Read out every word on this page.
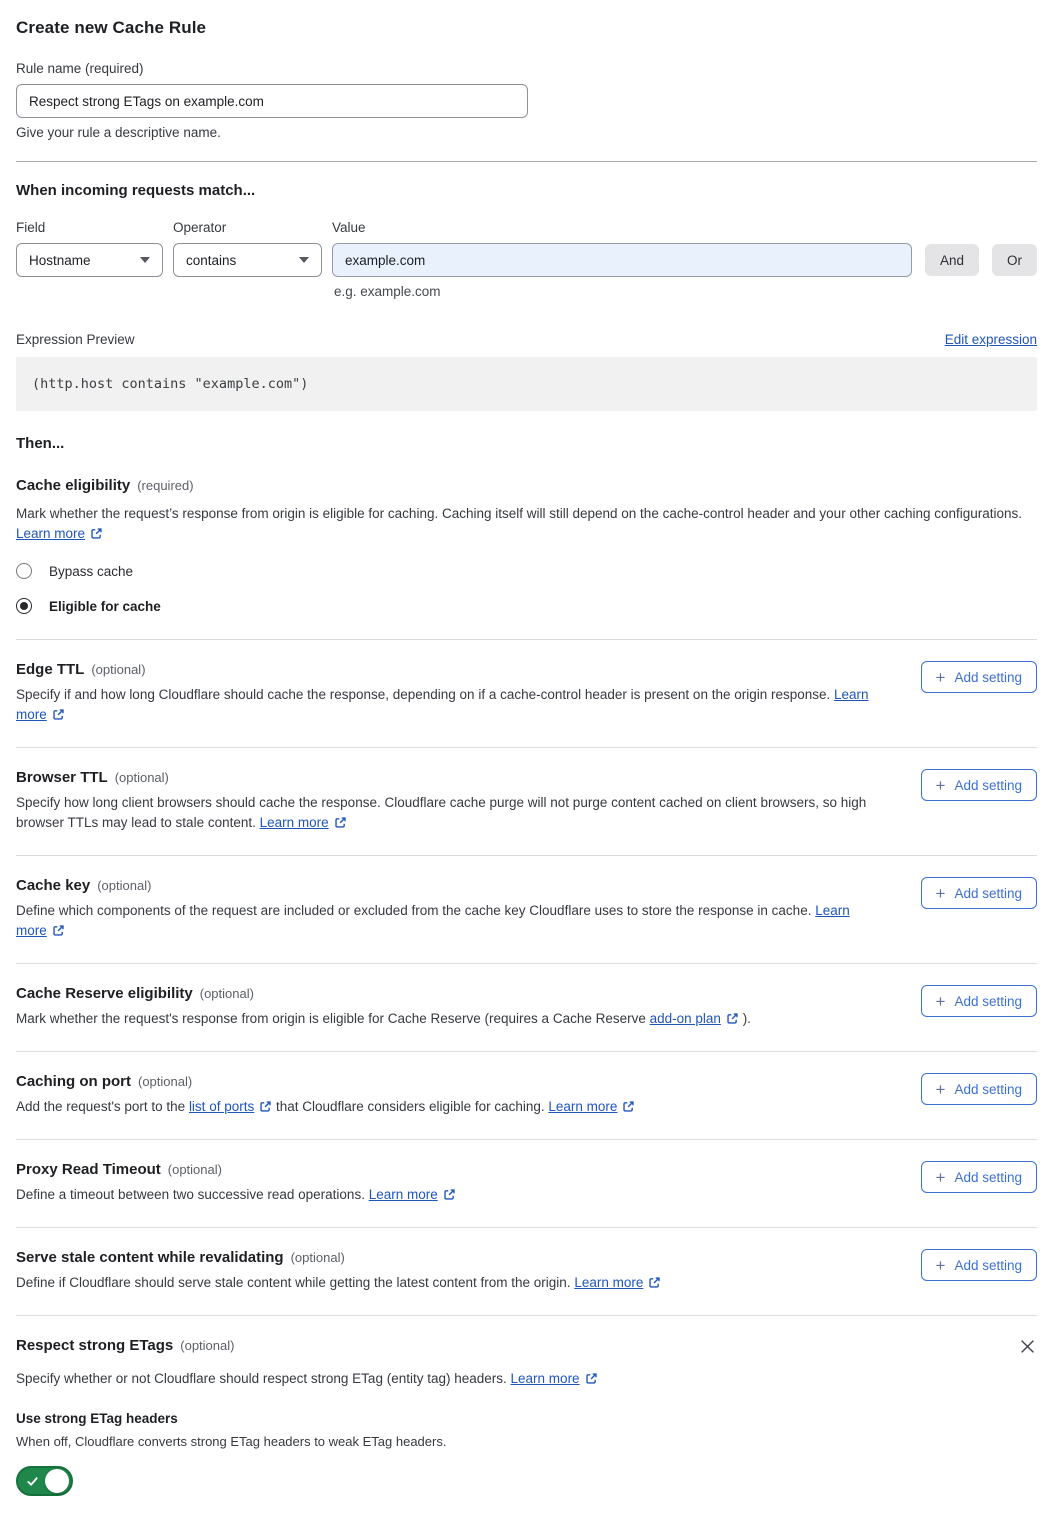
Create new Cache Rule
Rule name (required)
Respect strong ETags on example.com
Give your rule a descriptive name.
When incoming requests match...
Field
Hostname
Operator
contains
Value
example.com
And	Or
e.g. example.com
Expression Preview	Edit expression
(http.host contains "example.com")
Then...
Cache eligibility (required)
Mark whether the request’s response from origin is eligible for caching. Caching itself will still depend on the cache-control header and your other caching configurations. Learn more
Bypass cache
Eligible for cache
Edge TTL (optional)
Specify if and how long Cloudflare should cache the response, depending on if a cache-control header is present on the origin response. Learn more
+ Add setting
Browser TTL (optional)
Specify how long client browsers should cache the response. Cloudflare cache purge will not purge content cached on client browsers, so high browser TTLs may lead to stale content. Learn more
+ Add setting
Cache key (optional)
Define which components of the request are included or excluded from the cache key Cloudflare uses to store the response in cache. Learn more
+ Add setting
Cache Reserve eligibility (optional)
Mark whether the request's response from origin is eligible for Cache Reserve (requires a Cache Reserve add-on plan ).
+ Add setting
Caching on port (optional)
Add the request's port to the list of ports that Cloudflare considers eligible for caching. Learn more
+ Add setting
Proxy Read Timeout (optional)
Define a timeout between two successive read operations. Learn more
+ Add setting
Serve stale content while revalidating (optional)
Define if Cloudflare should serve stale content while getting the latest content from the origin. Learn more
+ Add setting
Respect strong ETags (optional)
Specify whether or not Cloudflare should respect strong ETag (entity tag) headers. Learn more
Use strong ETag headers
When off, Cloudflare converts strong ETag headers to weak ETag headers.
